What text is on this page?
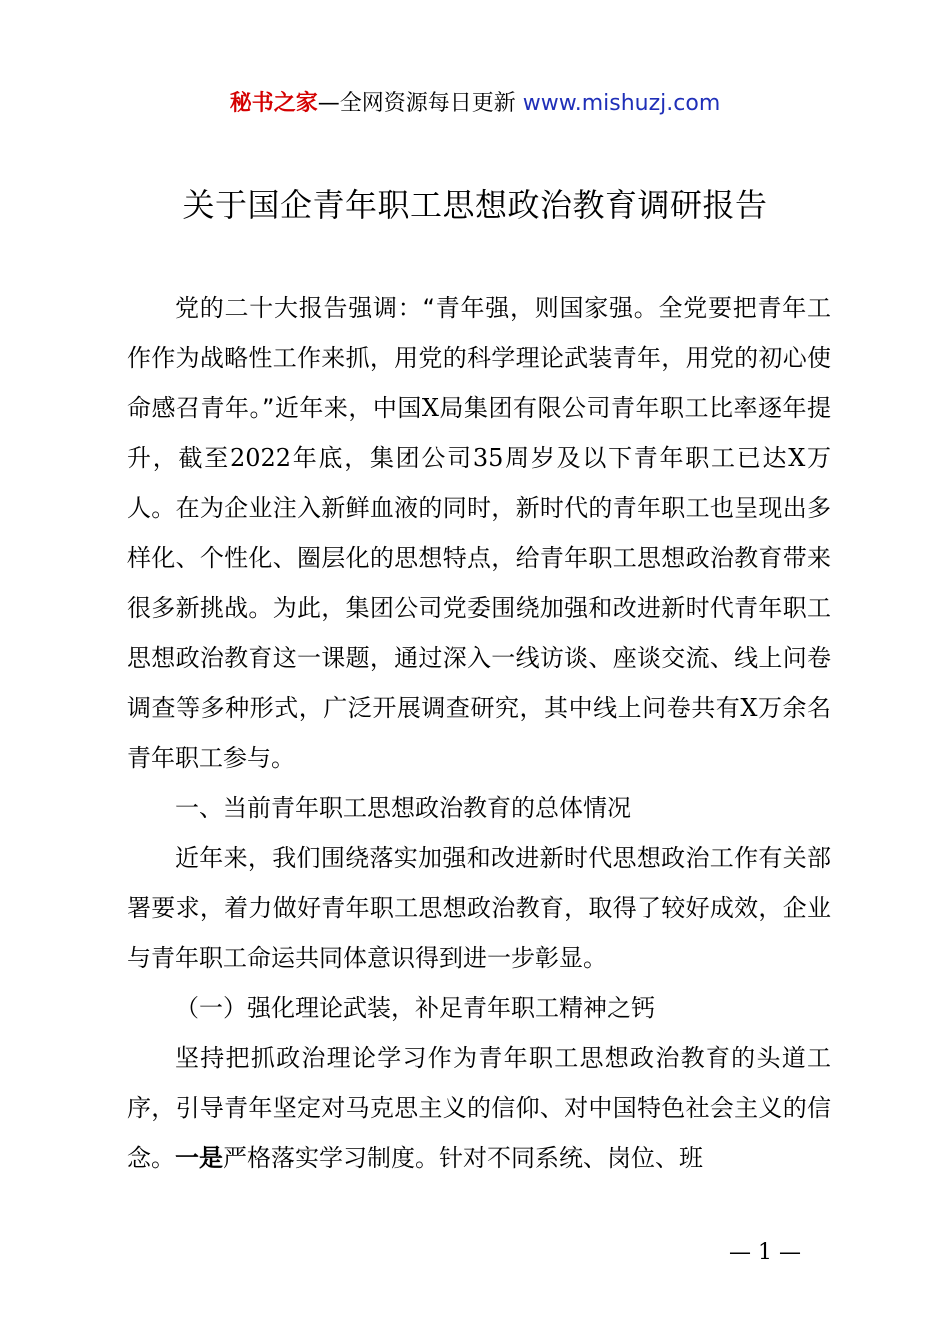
秘书之家—全网资源每日更新 www.mishuzj.com
关于国企青年职工思想政治教育调研报告

党的二十大报告强调：“青年强，则国家强。全党要把青年工作作为战略性工作来抓，用党的科学理论武装青年，用党的初心使命感召青年。”近年来，中国X局集团有限公司青年职工比率逐年提升，截至2022年底，集团公司35周岁及以下青年职工已达X万人。在为企业注入新鲜血液的同时，新时代的青年职工也呈现出多样化、个性化、圈层化的思想特点，给青年职工思想政治教育带来很多新挑战。为此，集团公司党委围绕加强和改进新时代青年职工思想政治教育这一课题，通过深入一线访谈、座谈交流、线上问卷调查等多种形式，广泛开展调查研究，其中线上问卷共有X万余名青年职工参与。

一、当前青年职工思想政治教育的总体情况

近年来，我们围绕落实加强和改进新时代思想政治工作有关部署要求，着力做好青年职工思想政治教育，取得了较好成效，企业与青年职工命运共同体意识得到进一步彰显。

（一）强化理论武装，补足青年职工精神之钙

坚持把抓政治理论学习作为青年职工思想政治教育的头道工序，引导青年坚定对马克思主义的信仰、对中国特色社会主义的信念。一是严格落实学习制度。针对不同系统、岗位、班

— 1 —
